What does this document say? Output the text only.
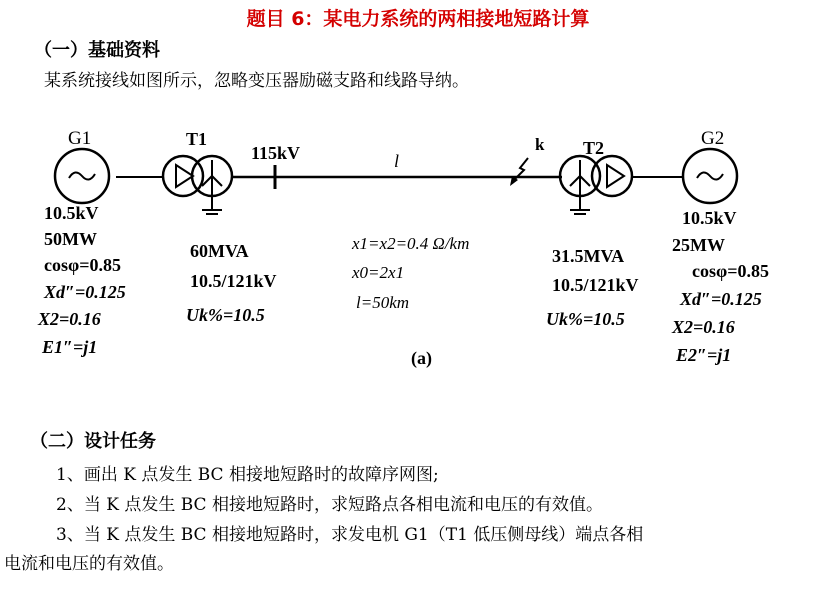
题目 6：某电力系统的两相接地短路计算
（一）基础资料
某系统接线如图所示，忽略变压器励磁支路和线路导纳。
G1	T1
115kV	l
k T2	G2
10.5kV
50MW
cosφ=0.85
Xd″=0.125
X2=0.16
E1″=j1
60MVA
10.5/121kV
Uk%=10.5
x1=x2=0.4 Ω/km
x0=2x1
l=50km
(a)
31.5MVA
10.5/121kV
Uk%=10.5
10.5kV
25MW
cosφ=0.85
Xd″=0.125
X2=0.16
E2″=j1
（二）设计任务
1、画出 K 点发生 BC 相接地短路时的故障序网图;
2、当 K 点发生 BC 相接地短路时，求短路点各相电流和电压的有效值。
3、当 K 点发生 BC 相接地短路时，求发电机 G1（T1 低压侧母线）端点各相
电流和电压的有效值。
